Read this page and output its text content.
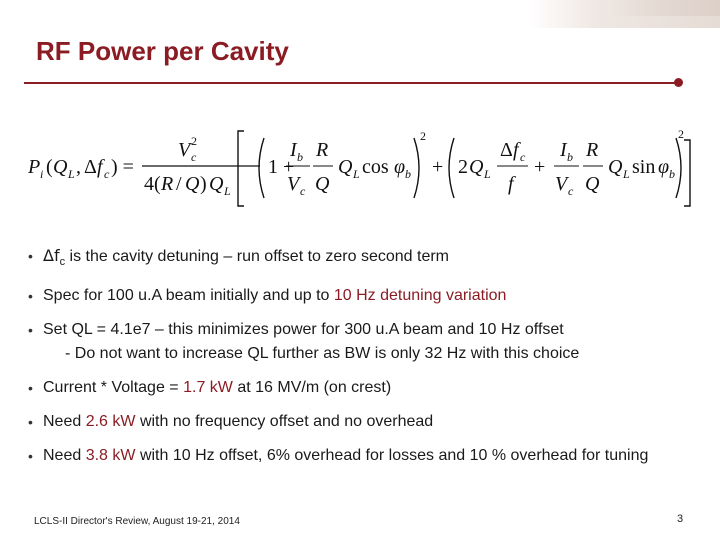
RF Power per Cavity
P i ( Q L , Δ f c ) =
V c
2
4( R / Q ) Q L
1 +
I b
V c
R
Q
Q L cos φ b
2
+ 2 Q L
Δ f c
f
+
I b
V c
R
Q
Q L sin φ b
2
• $\Delta f_c$ is the cavity detuning – run offset to zero second term
• Spec for 100 u.A beam initially and up to 10 Hz detuning variation
• Set QL = 4.1e7 – this minimizes power for 300 u.A beam and 10 Hz offset
- Do not want to increase QL further as BW is only 32 Hz with this choice
• Current * Voltage = 1.7 kW at 16 MV/m (on crest)
• Need 2.6 kW with no frequency offset and no overhead
• Need 3.8 kW with 10 Hz offset, 6% overhead for losses and 10 % overhead for tuning
LCLS-II Director's Review, August 19-21, 2014	3
